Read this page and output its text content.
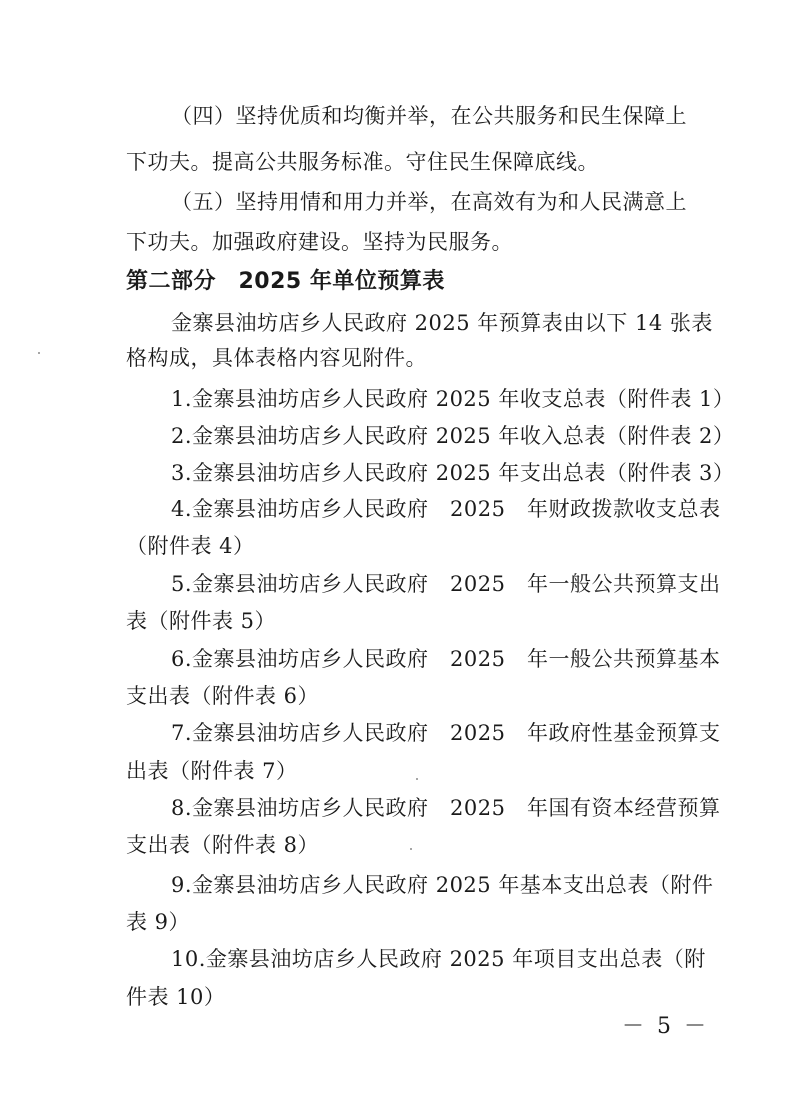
（四）坚持优质和均衡并举，在公共服务和民生保障上
下功夫。提高公共服务标准。守住民生保障底线。
（五）坚持用情和用力并举，在高效有为和人民满意上
下功夫。加强政府建设。坚持为民服务。
第二部分　2025 年单位预算表
金寨县油坊店乡人民政府 2025 年预算表由以下 14 张表
格构成，具体表格内容见附件。
1.金寨县油坊店乡人民政府 2025 年收支总表（附件表 1）
2.金寨县油坊店乡人民政府 2025 年收入总表（附件表 2）
3.金寨县油坊店乡人民政府 2025 年支出总表（附件表 3）
4.金寨县油坊店乡人民政府　2025　年财政拨款收支总表
（附件表 4）
5.金寨县油坊店乡人民政府　2025　年一般公共预算支出
表（附件表 5）
6.金寨县油坊店乡人民政府　2025　年一般公共预算基本
支出表（附件表 6）
7.金寨县油坊店乡人民政府　2025　年政府性基金预算支
出表（附件表 7）
8.金寨县油坊店乡人民政府　2025　年国有资本经营预算
支出表（附件表 8）
9.金寨县油坊店乡人民政府 2025 年基本支出总表（附件
表 9）
10.金寨县油坊店乡人民政府 2025 年项目支出总表（附
件表 10）
－ 5 －
